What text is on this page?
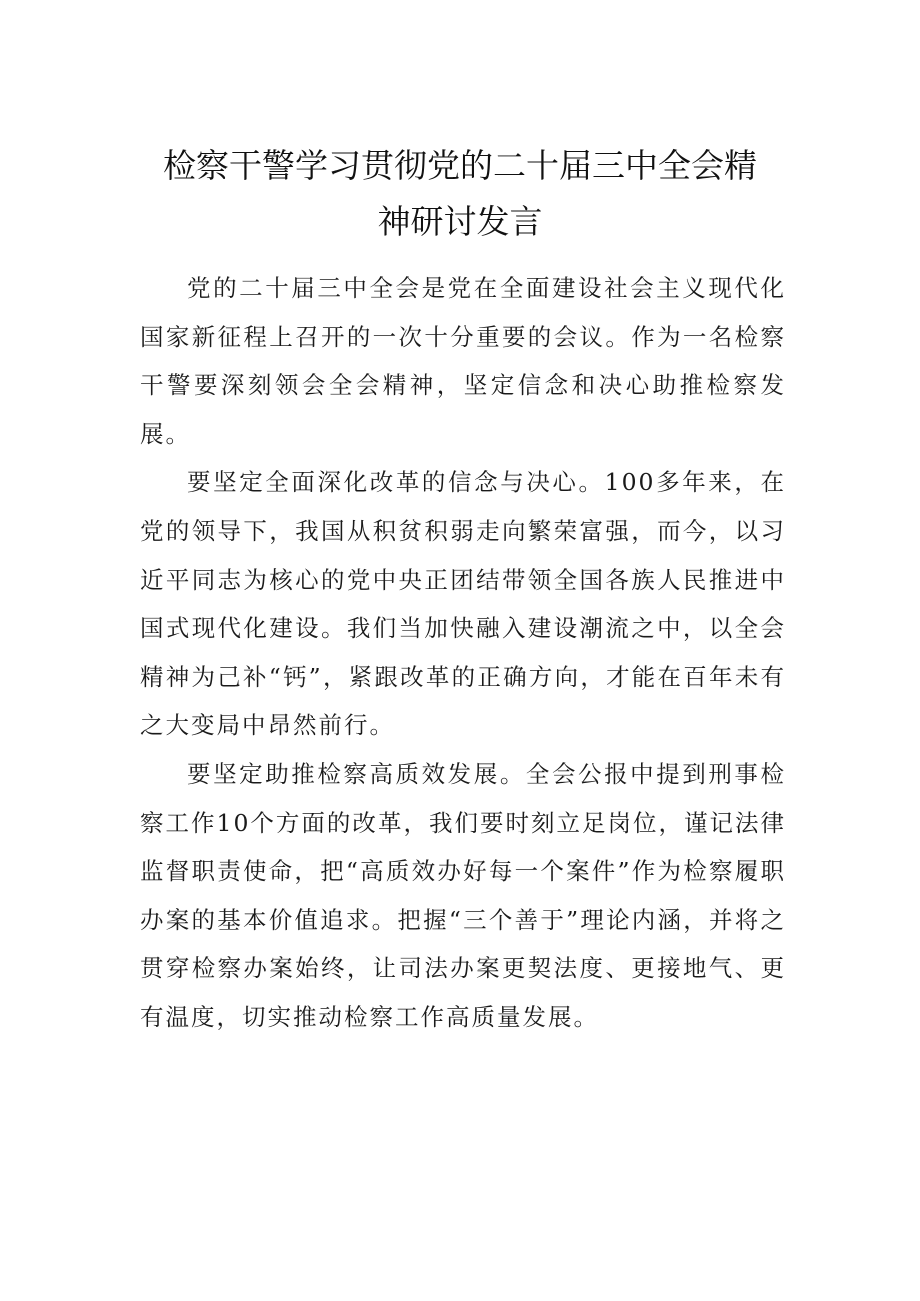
检察干警学习贯彻党的二十届三中全会精
神研讨发言

党的二十届三中全会是党在全面建设社会主义现代化国家新征程上召开的一次十分重要的会议。作为一名检察干警要深刻领会全会精神，坚定信念和决心助推检察发展。

要坚定全面深化改革的信念与决心。100多年来，在党的领导下，我国从积贫积弱走向繁荣富强，而今，以习近平同志为核心的党中央正团结带领全国各族人民推进中国式现代化建设。我们当加快融入建设潮流之中，以全会精神为己补“钙”，紧跟改革的正确方向，才能在百年未有之大变局中昂然前行。

要坚定助推检察高质效发展。全会公报中提到刑事检察工作10个方面的改革，我们要时刻立足岗位，谨记法律监督职责使命，把“高质效办好每一个案件”作为检察履职办案的基本价值追求。把握“三个善于”理论内涵，并将之贯穿检察办案始终，让司法办案更契法度、更接地气、更有温度，切实推动检察工作高质量发展。
